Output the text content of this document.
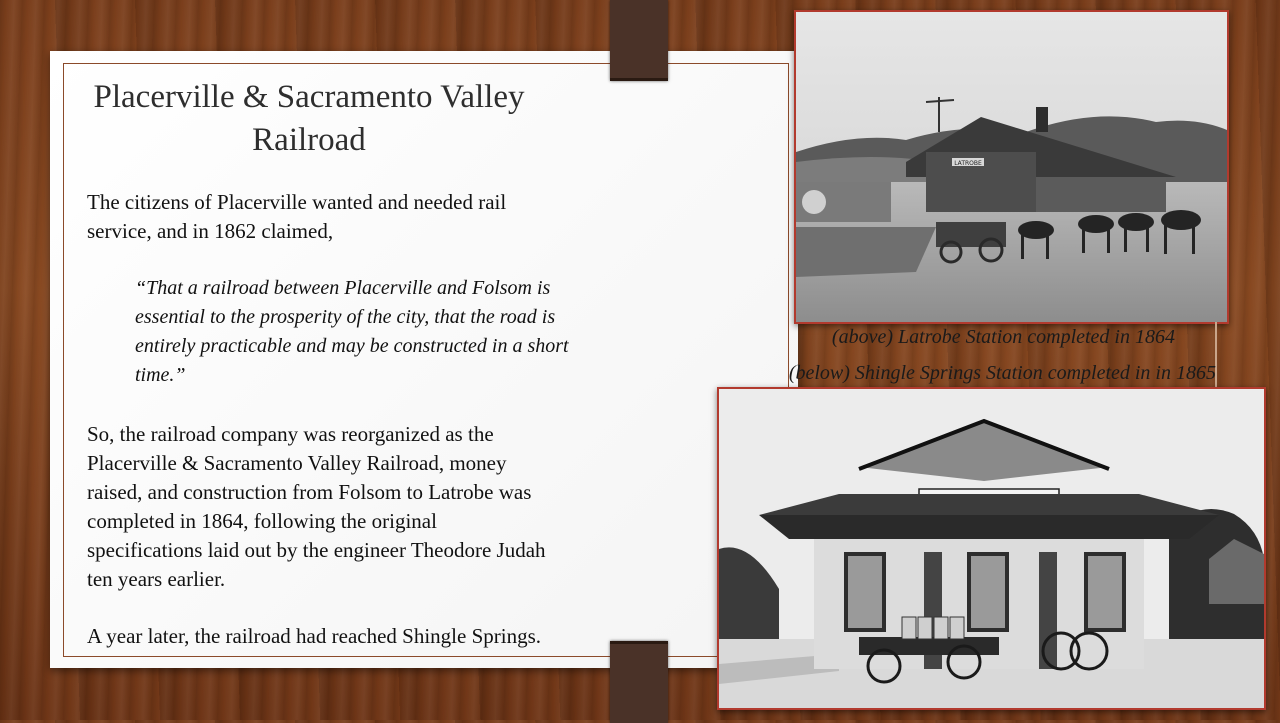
Placerville & Sacramento Valley
Railroad

The citizens of Placerville wanted and needed rail
service, and in 1862 claimed,

“That a railroad between Placerville and Folsom is
essential to the prosperity of the city, that the road is
entirely practicable and may be constructed in a short
time.”

So, the railroad company was reorganized as the
Placerville & Sacramento Valley Railroad, money
raised, and construction from Folsom to Latrobe was
completed in 1864, following the original
specifications laid out by the engineer Theodore Judah
ten years earlier.

A year later, the railroad had reached Shingle Springs.

LATROBE
(above) Latrobe Station completed in 1864
(below) Shingle Springs Station completed in in 1865
